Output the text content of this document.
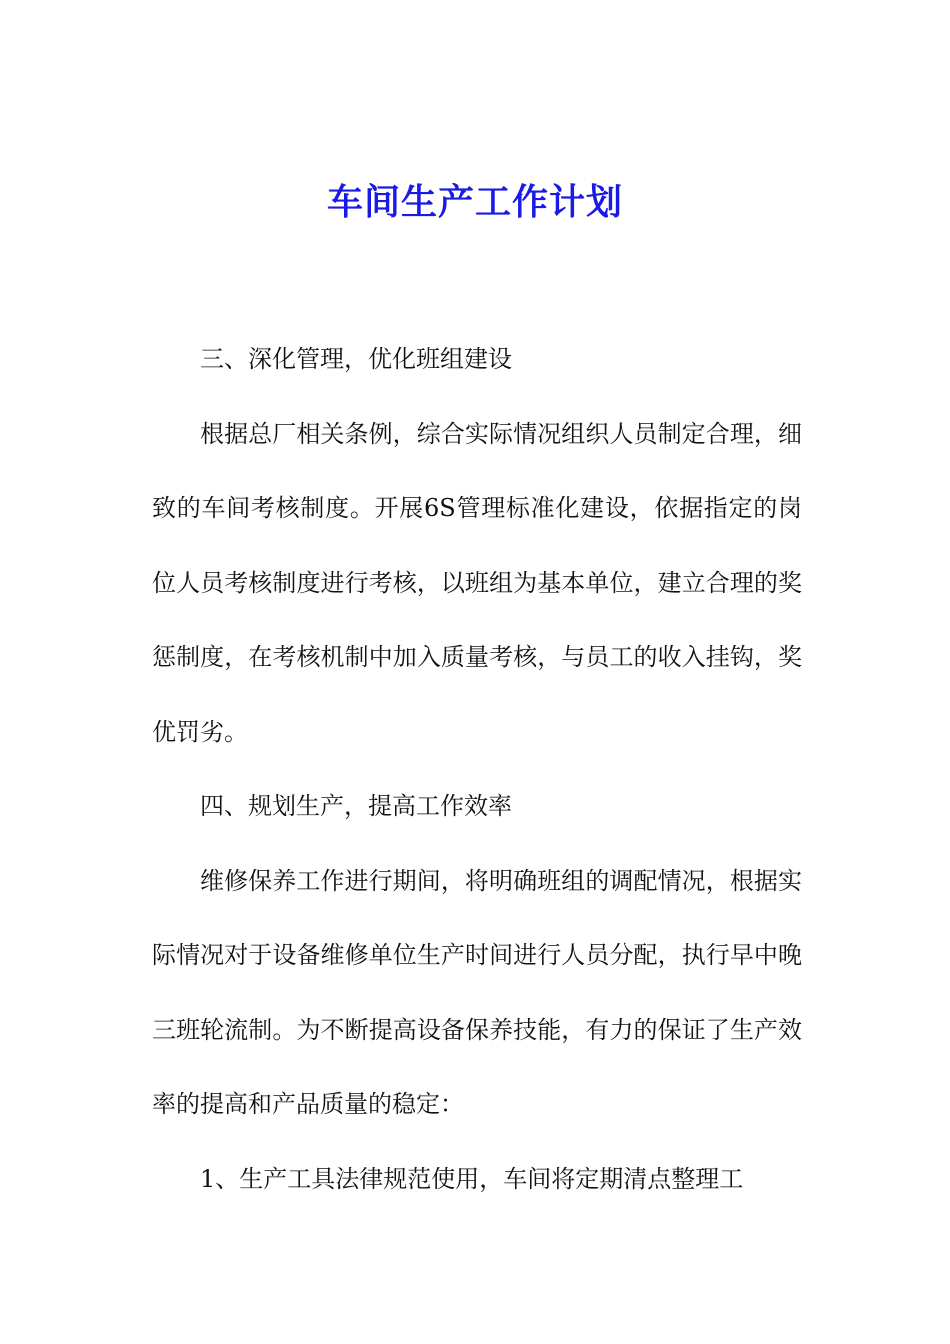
车间生产工作计划

三、深化管理，优化班组建设

根据总厂相关条例，综合实际情况组织人员制定合理，细致的车间考核制度。开展6S管理标准化建设，依据指定的岗位人员考核制度进行考核，以班组为基本单位，建立合理的奖惩制度，在考核机制中加入质量考核，与员工的收入挂钩，奖优罚劣。

四、规划生产，提高工作效率

维修保养工作进行期间，将明确班组的调配情况，根据实际情况对于设备维修单位生产时间进行人员分配，执行早中晚三班轮流制。为不断提高设备保养技能，有力的保证了生产效率的提高和产品质量的稳定：

1、生产工具法律规范使用，车间将定期清点整理工
